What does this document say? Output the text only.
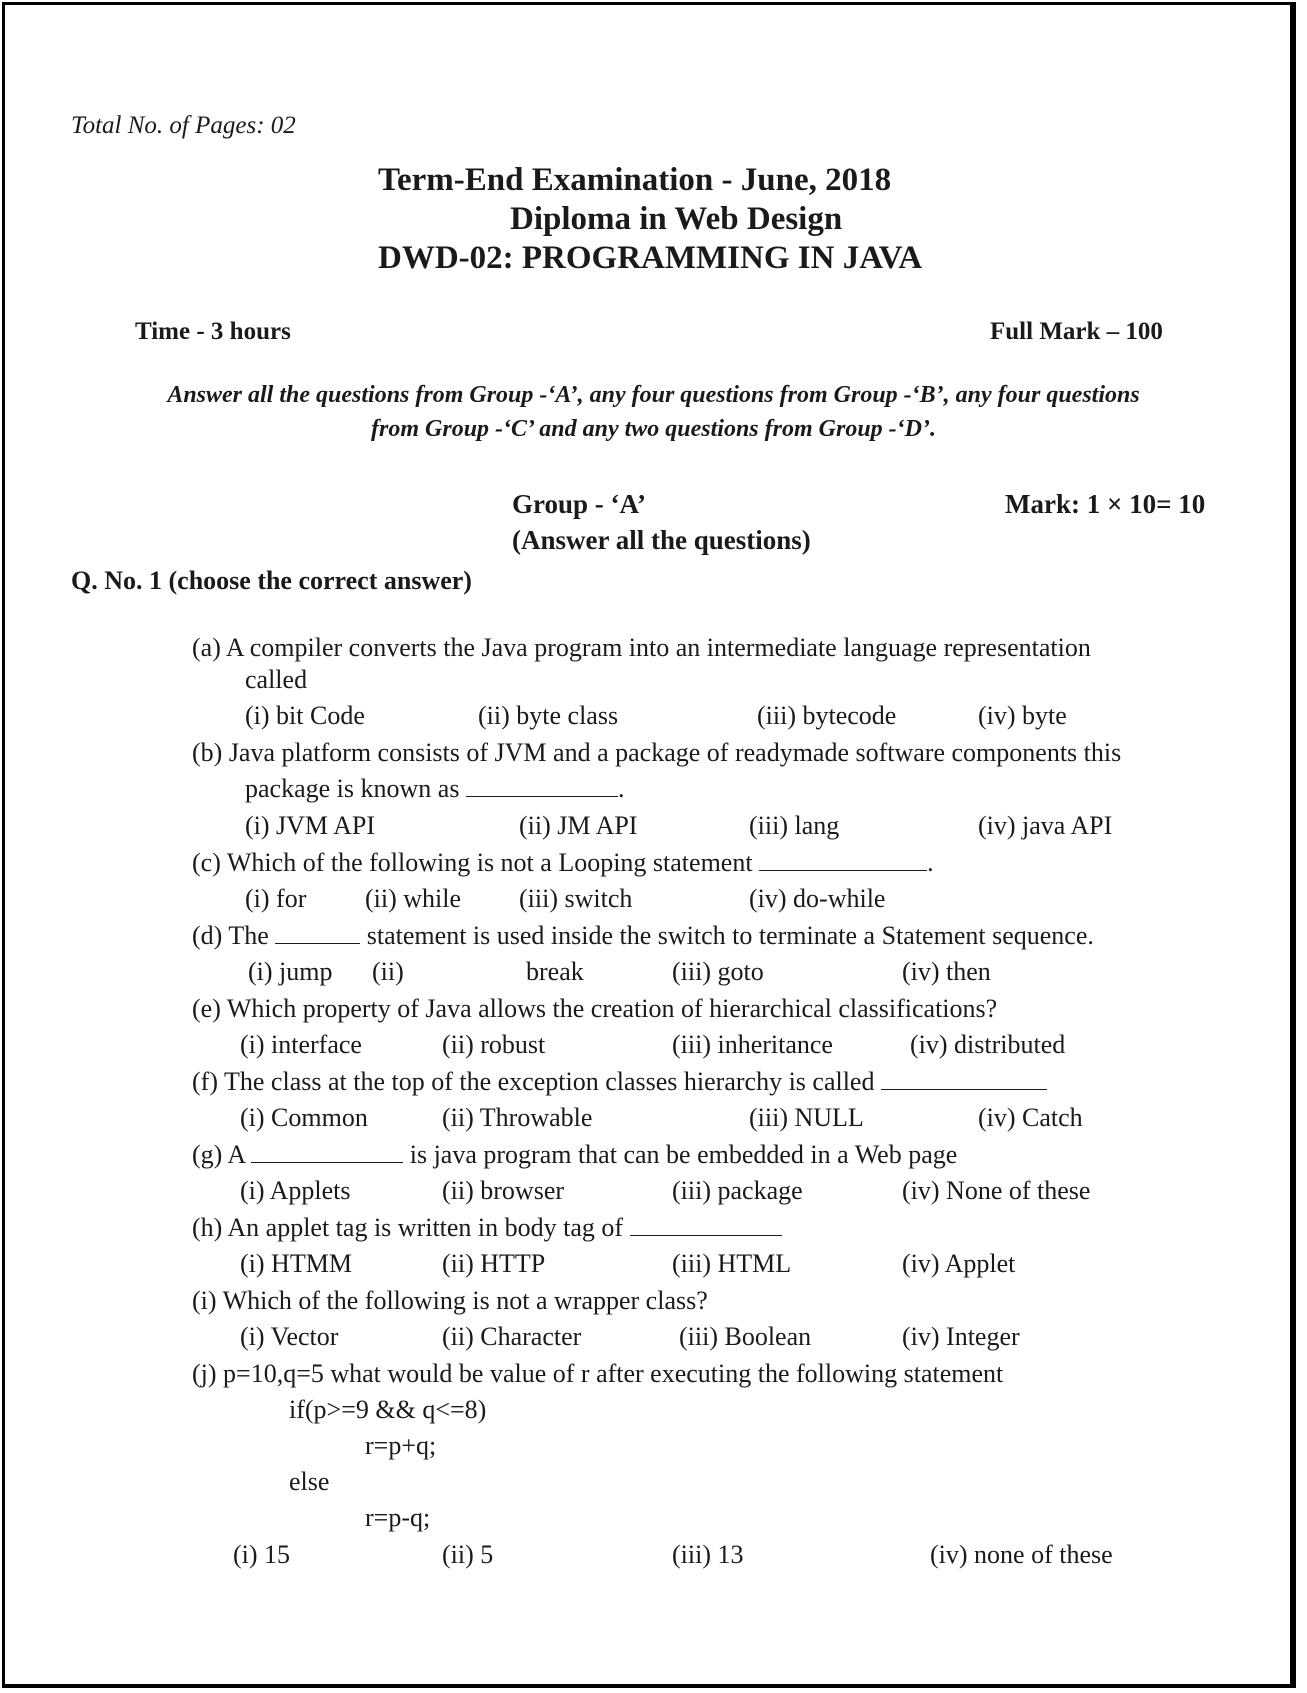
Total No. of Pages: 02
Term-End Examination - June, 2018
Diploma in Web Design
DWD-02: PROGRAMMING IN JAVA
Time - 3 hours	Full Mark – 100
Answer all the questions from Group -‘A’, any four questions from Group -‘B’, any four questions
from Group -‘C’ and any two questions from Group -‘D’.
Group - ‘A’	Mark: 1 × 10= 10
(Answer all the questions)
Q. No. 1 (choose the correct answer)
(a) A compiler converts the Java program into an intermediate language representation
called
(i) bit Code	(ii) byte class	(iii) bytecode	(iv) byte
(b) Java platform consists of JVM and a package of readymade software components this
package is known as	.
(i) JVM API	(ii) JM API	(iii) lang	(iv) java API
(c) Which of the following is not a Looping statement	.
(i) for (ii) while (iii) switch	(iv) do-while
(d) The	statement is used inside the switch to terminate a Statement sequence.
(i) jump (ii)	break	(iii) goto	(iv) then
(e) Which property of Java allows the creation of hierarchical classifications?
(i) interface	(ii) robust	(iii) inheritance	(iv) distributed
(f) The class at the top of the exception classes hierarchy is called
(i) Common	(ii) Throwable	(iii) NULL	(iv) Catch
(g) A	is java program that can be embedded in a Web page
(i) Applets	(ii) browser	(iii) package	(iv) None of these
(h) An applet tag is written in body tag of
(i) HTMM	(ii) HTTP	(iii) HTML	(iv) Applet
(i) Which of the following is not a wrapper class?
(i) Vector	(ii) Character	(iii) Boolean	(iv) Integer
(j) p=10,q=5 what would be value of r after executing the following statement
if(p>=9 && q<=8)
r=p+q;
else
r=p-q;
(i) 15	(ii) 5	(iii) 13	(iv) none of these
